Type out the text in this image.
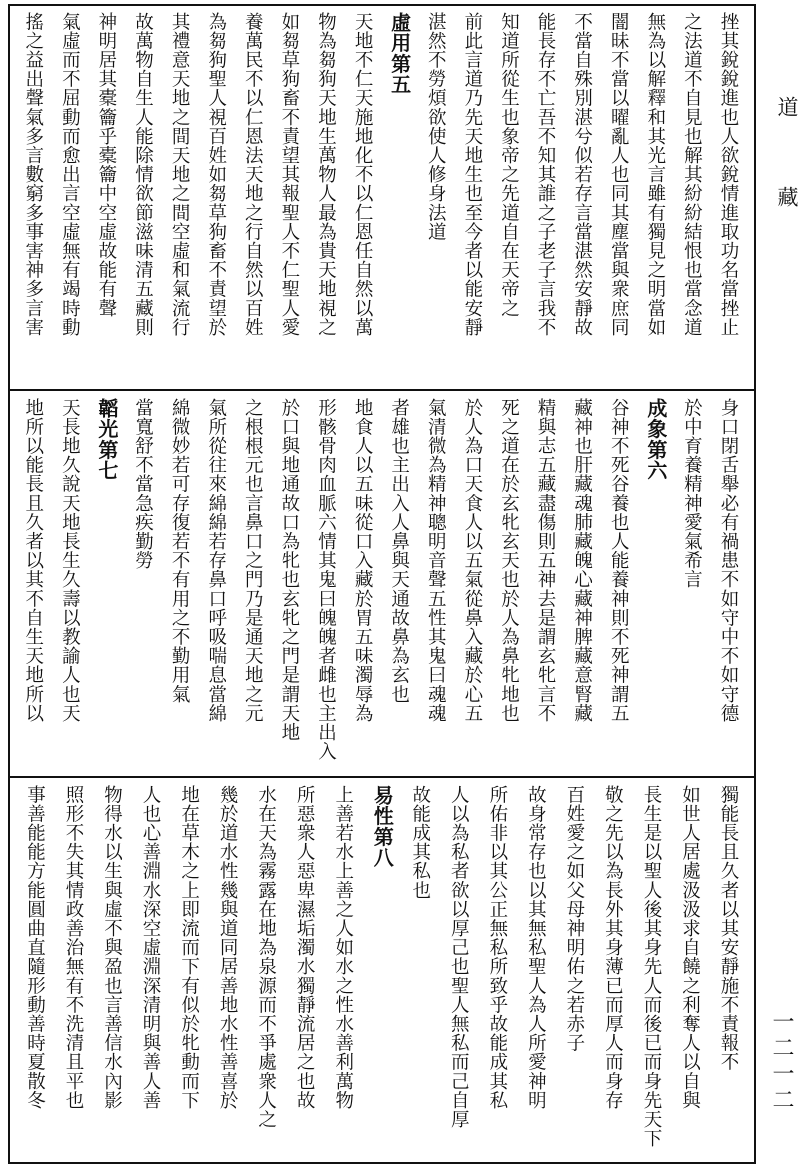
挫其銳銳進也人欲銳情進取功名當挫止
之法道不自見也解其紛紛結恨也當念道
無為以解釋和其光言雖有獨見之明當如
闇昧不當以曜亂人也同其塵當與衆庶同
不當自殊別湛兮似若存言當湛然安靜故
能長存不亡吾不知其誰之子老子言我不
知道所從生也象帝之先道自在天帝之
前此言道乃先天地生也至今者以能安靜
湛然不勞煩欲使人修身法道
虛用第五
天地不仁天施地化不以仁恩任自然以萬
物為芻狗天地生萬物人最為貴天地視之
如芻草狗畜不責望其報聖人不仁聖人愛
養萬民不以仁恩法天地之行自然以百姓
為芻狗聖人視百姓如芻草狗畜不責望於
其禮意天地之間天地之間空虛和氣流行
故萬物自生人能除情欲節滋味清五藏則
神明居其橐籥乎橐籥中空虛故能有聲
氣虛而不屈動而愈出言空虛無有竭時動
搖之益出聲氣多言數窮多事害神多言害
身口閉舌舉必有禍患不如守中不如守德
於中育養精神愛氣希言
成象第六
谷神不死谷養也人能養神則不死神謂五
藏神也肝藏魂肺藏魄心藏神脾藏意腎藏
精與志五藏盡傷則五神去是謂玄牝言不
死之道在於玄牝玄天也於人為鼻牝地也
於人為口天食人以五氣從鼻入藏於心五
氣清微為精神聰明音聲五性其鬼曰魂魂
者雄也主出入人鼻與天通故鼻為玄也
地食人以五味從口入藏於胃五味濁辱為
形骸骨肉血脈六情其鬼曰魄魄者雌也主出入
於口與地通故口為牝也玄牝之門是謂天地
之根根元也言鼻口之門乃是通天地之元
氣所從往來綿綿若存鼻口呼吸喘息當綿
綿微妙若可存復若不有用之不勤用氣
當寬舒不當急疾勤勞
韜光第七
天長地久說天地長生久壽以教諭人也天
地所以能長且久者以其不自生天地所以
獨能長且久者以其安靜施不責報不
如世人居處汲汲求自饒之利奪人以自與
長生是以聖人後其身先人而後已而身先天下
敬之先以為長外其身薄已而厚人而身存
百姓愛之如父母神明佑之若赤子
故身常存也以其無私聖人為人所愛神明
所佑非以其公正無私所致乎故能成其私
人以為私者欲以厚己也聖人無私而己自厚
故能成其私也
易性第八
上善若水上善之人如水之性水善利萬物
所惡衆人惡卑濕垢濁水獨靜流居之也故
水在天為霧露在地為泉源而不爭處衆人之
幾於道水性幾與道同居善地水性善喜於
地在草木之上即流而下有似於牝動而下
人也心善淵水深空虛淵深清明與善人善
物得水以生與虛不與盈也言善信水內影
照形不失其情政善治無有不洗清且平也
事善能能方能圓曲直隨形動善時夏散冬
道
藏
一二一二
